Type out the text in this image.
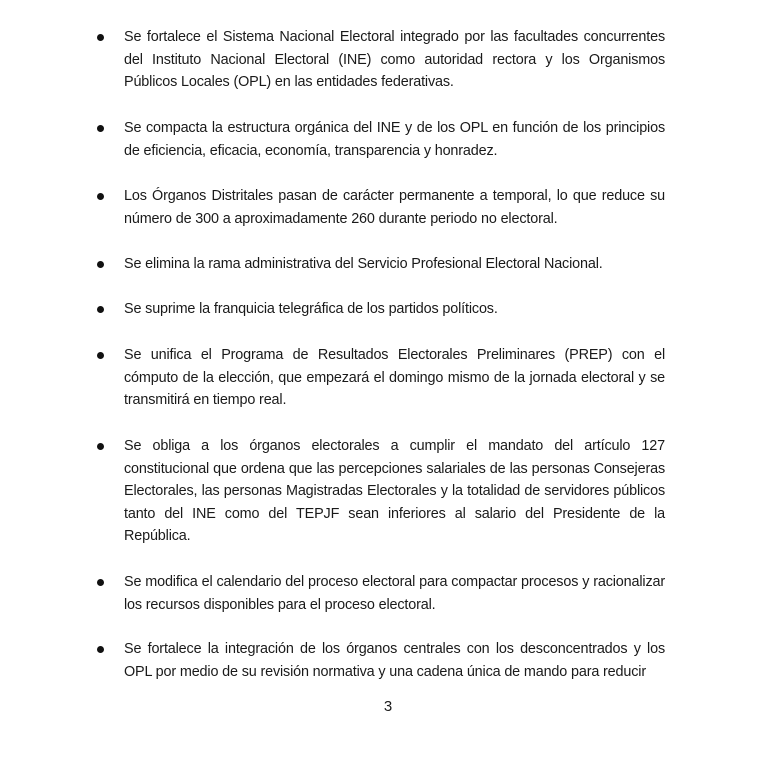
Se fortalece el Sistema Nacional Electoral integrado por las facultades concurrentes del Instituto Nacional Electoral (INE) como autoridad rectora y los Organismos Públicos Locales (OPL) en las entidades federativas.
Se compacta la estructura orgánica del INE y de los OPL en función de los principios de eficiencia, eficacia, economía, transparencia y honradez.
Los Órganos Distritales pasan de carácter permanente a temporal, lo que reduce su número de 300 a aproximadamente 260 durante periodo no electoral.
Se elimina la rama administrativa del Servicio Profesional Electoral Nacional.
Se suprime la franquicia telegráfica de los partidos políticos.
Se unifica el Programa de Resultados Electorales Preliminares (PREP) con el cómputo de la elección, que empezará el domingo mismo de la jornada electoral y se transmitirá en tiempo real.
Se obliga a los órganos electorales a cumplir el mandato del artículo 127 constitucional que ordena que las percepciones salariales de las personas Consejeras Electorales, las personas Magistradas Electorales y la totalidad de servidores públicos tanto del INE como del TEPJF sean inferiores al salario del Presidente de la República.
Se modifica el calendario del proceso electoral para compactar procesos y racionalizar los recursos disponibles para el proceso electoral.
Se fortalece la integración de los órganos centrales con los desconcentrados y los OPL por medio de su revisión normativa y una cadena única de mando para reducir
3
